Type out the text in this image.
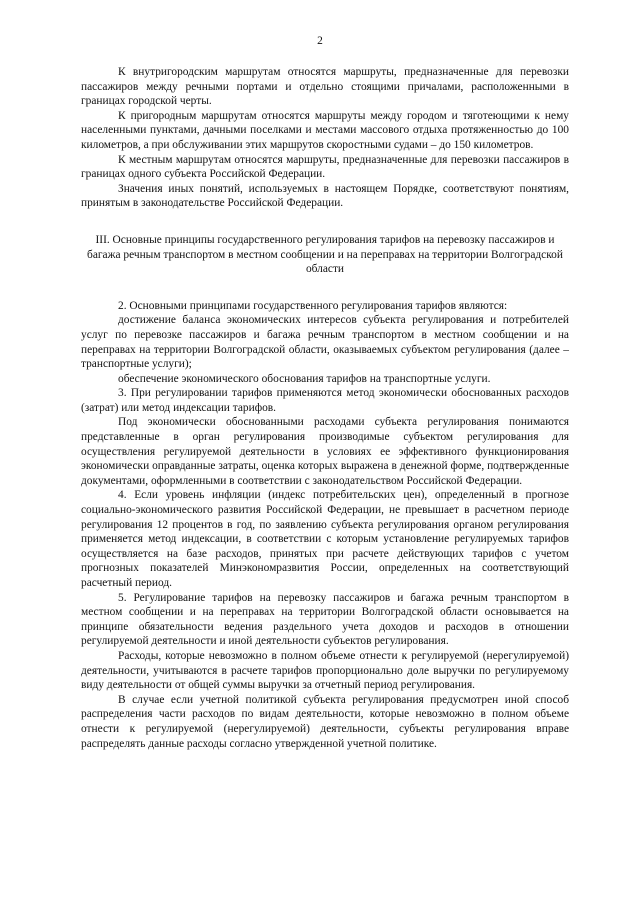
2

К внутригородским маршрутам относятся маршруты, предназначенные для перевозки пассажиров между речными портами и отдельно стоящими причалами, расположенными в границах городской черты.

К пригородным маршрутам относятся маршруты между городом и тяготеющими к нему населенными пунктами, дачными поселками и местами массового отдыха протяженностью до 100 километров, а при обслуживании этих маршрутов скоростными судами – до 150 километров.

К местным маршрутам относятся маршруты, предназначенные для перевозки пассажиров в границах одного субъекта Российской Федерации.

Значения иных понятий, используемых в настоящем Порядке, соответствуют понятиям, принятым в законодательстве Российской Федерации.

III. Основные принципы государственного регулирования тарифов на перевозку пассажиров и багажа речным транспортом в местном сообщении и на переправах на территории Волгоградской области

2. Основными принципами государственного регулирования тарифов являются:

достижение баланса экономических интересов субъекта регулирования и потребителей услуг по перевозке пассажиров и багажа речным транспортом в местном сообщении и на переправах на территории Волгоградской области, оказываемых субъектом регулирования (далее – транспортные услуги);

обеспечение экономического обоснования тарифов на транспортные услуги.

3. При регулировании тарифов применяются метод экономически обоснованных расходов (затрат) или метод индексации тарифов.

Под экономически обоснованными расходами субъекта регулирования понимаются представленные в орган регулирования производимые субъектом регулирования для осуществления регулируемой деятельности в условиях ее эффективного функционирования экономически оправданные затраты, оценка которых выражена в денежной форме, подтвержденные документами, оформленными в соответствии с законодательством Российской Федерации.

4. Если уровень инфляции (индекс потребительских цен), определенный в прогнозе социально-экономического развития Российской Федерации, не превышает в расчетном периоде регулирования 12 процентов в год, по заявлению субъекта регулирования органом регулирования применяется метод индексации, в соответствии с которым установление регулируемых тарифов осуществляется на базе расходов, принятых при расчете действующих тарифов с учетом прогнозных показателей Минэкономразвития России, определенных на соответствующий расчетный период.

5. Регулирование тарифов на перевозку пассажиров и багажа речным транспортом в местном сообщении и на переправах на территории Волгоградской области основывается на принципе обязательности ведения раздельного учета доходов и расходов в отношении регулируемой деятельности и иной деятельности субъектов регулирования.

Расходы, которые невозможно в полном объеме отнести к регулируемой (нерегулируемой) деятельности, учитываются в расчете тарифов пропорционально доле выручки по регулируемому виду деятельности от общей суммы выручки за отчетный период регулирования.

В случае если учетной политикой субъекта регулирования предусмотрен иной способ распределения части расходов по видам деятельности, которые невозможно в полном объеме отнести к регулируемой (нерегулируемой) деятельности, субъекты регулирования вправе распределять данные расходы согласно утвержденной учетной политике.
